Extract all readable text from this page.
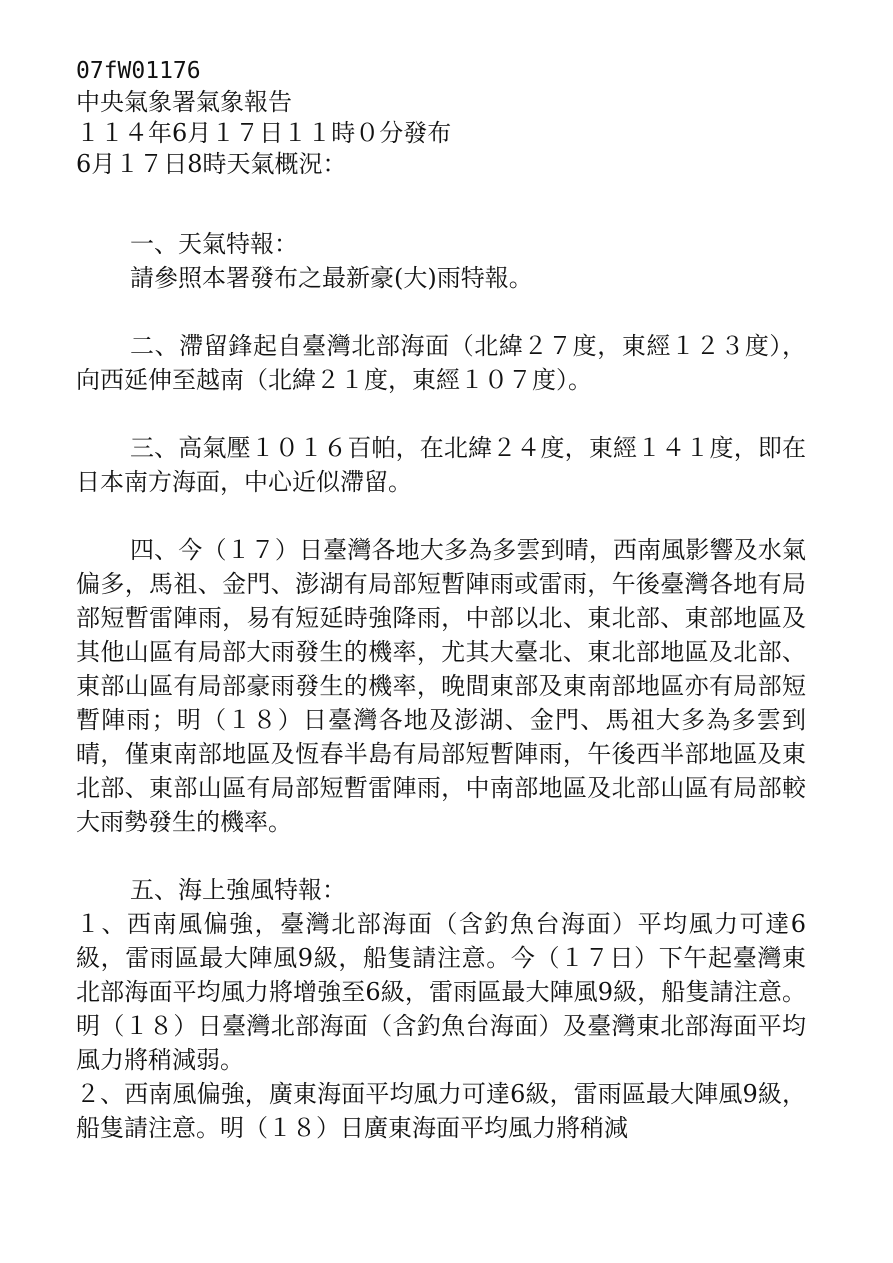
07fW01176
中央氣象署氣象報告
１１４年6月１７日１１時０分發布
6月１７日8時天氣概況：

一、天氣特報：

請參照本署發布之最新豪(大)雨特報。

二、滯留鋒起自臺灣北部海面（北緯２７度，東經１２３度），向西延伸至越南（北緯２１度，東經１０７度）。

三、高氣壓１０１６百帕，在北緯２４度，東經１４１度，即在日本南方海面，中心近似滯留。

四、今（１７）日臺灣各地大多為多雲到晴，西南風影響及水氣偏多，馬祖、金門、澎湖有局部短暫陣雨或雷雨，午後臺灣各地有局部短暫雷陣雨，易有短延時強降雨，中部以北、東北部、東部地區及其他山區有局部大雨發生的機率，尤其大臺北、東北部地區及北部、東部山區有局部豪雨發生的機率，晚間東部及東南部地區亦有局部短暫陣雨；明（１８）日臺灣各地及澎湖、金門、馬祖大多為多雲到晴，僅東南部地區及恆春半島有局部短暫陣雨，午後西半部地區及東北部、東部山區有局部短暫雷陣雨，中南部地區及北部山區有局部較大雨勢發生的機率。

五、海上強風特報：

１、西南風偏強，臺灣北部海面（含釣魚台海面）平均風力可達6級，雷雨區最大陣風9級，船隻請注意。今（１７日）下午起臺灣東北部海面平均風力將增強至6級，雷雨區最大陣風9級，船隻請注意。明（１８）日臺灣北部海面（含釣魚台海面）及臺灣東北部海面平均風力將稍減弱。

２、西南風偏強，廣東海面平均風力可達6級，雷雨區最大陣風9級，船隻請注意。明（１８）日廣東海面平均風力將稍減
